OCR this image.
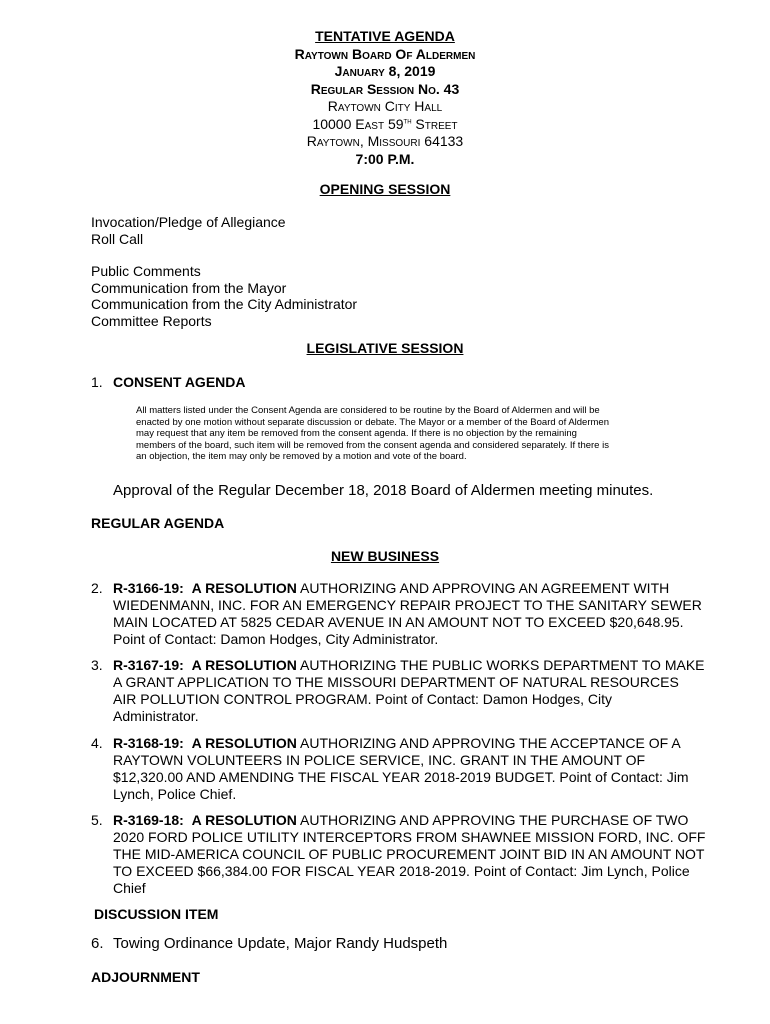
TENTATIVE AGENDA
Raytown Board Of Aldermen
January 8, 2019
Regular Session No. 43
Raytown City Hall
10000 East 59th Street
Raytown, Missouri 64133
7:00 P.M.
OPENING SESSION
Invocation/Pledge of Allegiance
Roll Call
Public Comments
Communication from the Mayor
Communication from the City Administrator
Committee Reports
LEGISLATIVE SESSION
1. CONSENT AGENDA
All matters listed under the Consent Agenda are considered to be routine by the Board of Aldermen and will be
enacted by one motion without separate discussion or debate. The Mayor or a member of the Board of Aldermen
may request that any item be removed from the consent agenda. If there is no objection by the remaining
members of the board, such item will be removed from the consent agenda and considered separately. If there is
an objection, the item may only be removed by a motion and vote of the board.
Approval of the Regular December 18, 2018 Board of Aldermen meeting minutes.
REGULAR AGENDA
NEW BUSINESS
2. R-3166-19: A RESOLUTION AUTHORIZING AND APPROVING AN AGREEMENT WITH
WIEDENMANN, INC. FOR AN EMERGENCY REPAIR PROJECT TO THE SANITARY SEWER
MAIN LOCATED AT 5825 CEDAR AVENUE IN AN AMOUNT NOT TO EXCEED $20,648.95.
Point of Contact: Damon Hodges, City Administrator.
3. R-3167-19: A RESOLUTION AUTHORIZING THE PUBLIC WORKS DEPARTMENT TO MAKE
A GRANT APPLICATION TO THE MISSOURI DEPARTMENT OF NATURAL RESOURCES
AIR POLLUTION CONTROL PROGRAM. Point of Contact: Damon Hodges, City
Administrator.
4. R-3168-19: A RESOLUTION AUTHORIZING AND APPROVING THE ACCEPTANCE OF A
RAYTOWN VOLUNTEERS IN POLICE SERVICE, INC. GRANT IN THE AMOUNT OF
$12,320.00 AND AMENDING THE FISCAL YEAR 2018-2019 BUDGET. Point of Contact: Jim
Lynch, Police Chief.
5. R-3169-18: A RESOLUTION AUTHORIZING AND APPROVING THE PURCHASE OF TWO
2020 FORD POLICE UTILITY INTERCEPTORS FROM SHAWNEE MISSION FORD, INC. OFF
THE MID-AMERICA COUNCIL OF PUBLIC PROCUREMENT JOINT BID IN AN AMOUNT NOT
TO EXCEED $66,384.00 FOR FISCAL YEAR 2018-2019. Point of Contact: Jim Lynch, Police
Chief
DISCUSSION ITEM
6. Towing Ordinance Update, Major Randy Hudspeth
ADJOURNMENT
